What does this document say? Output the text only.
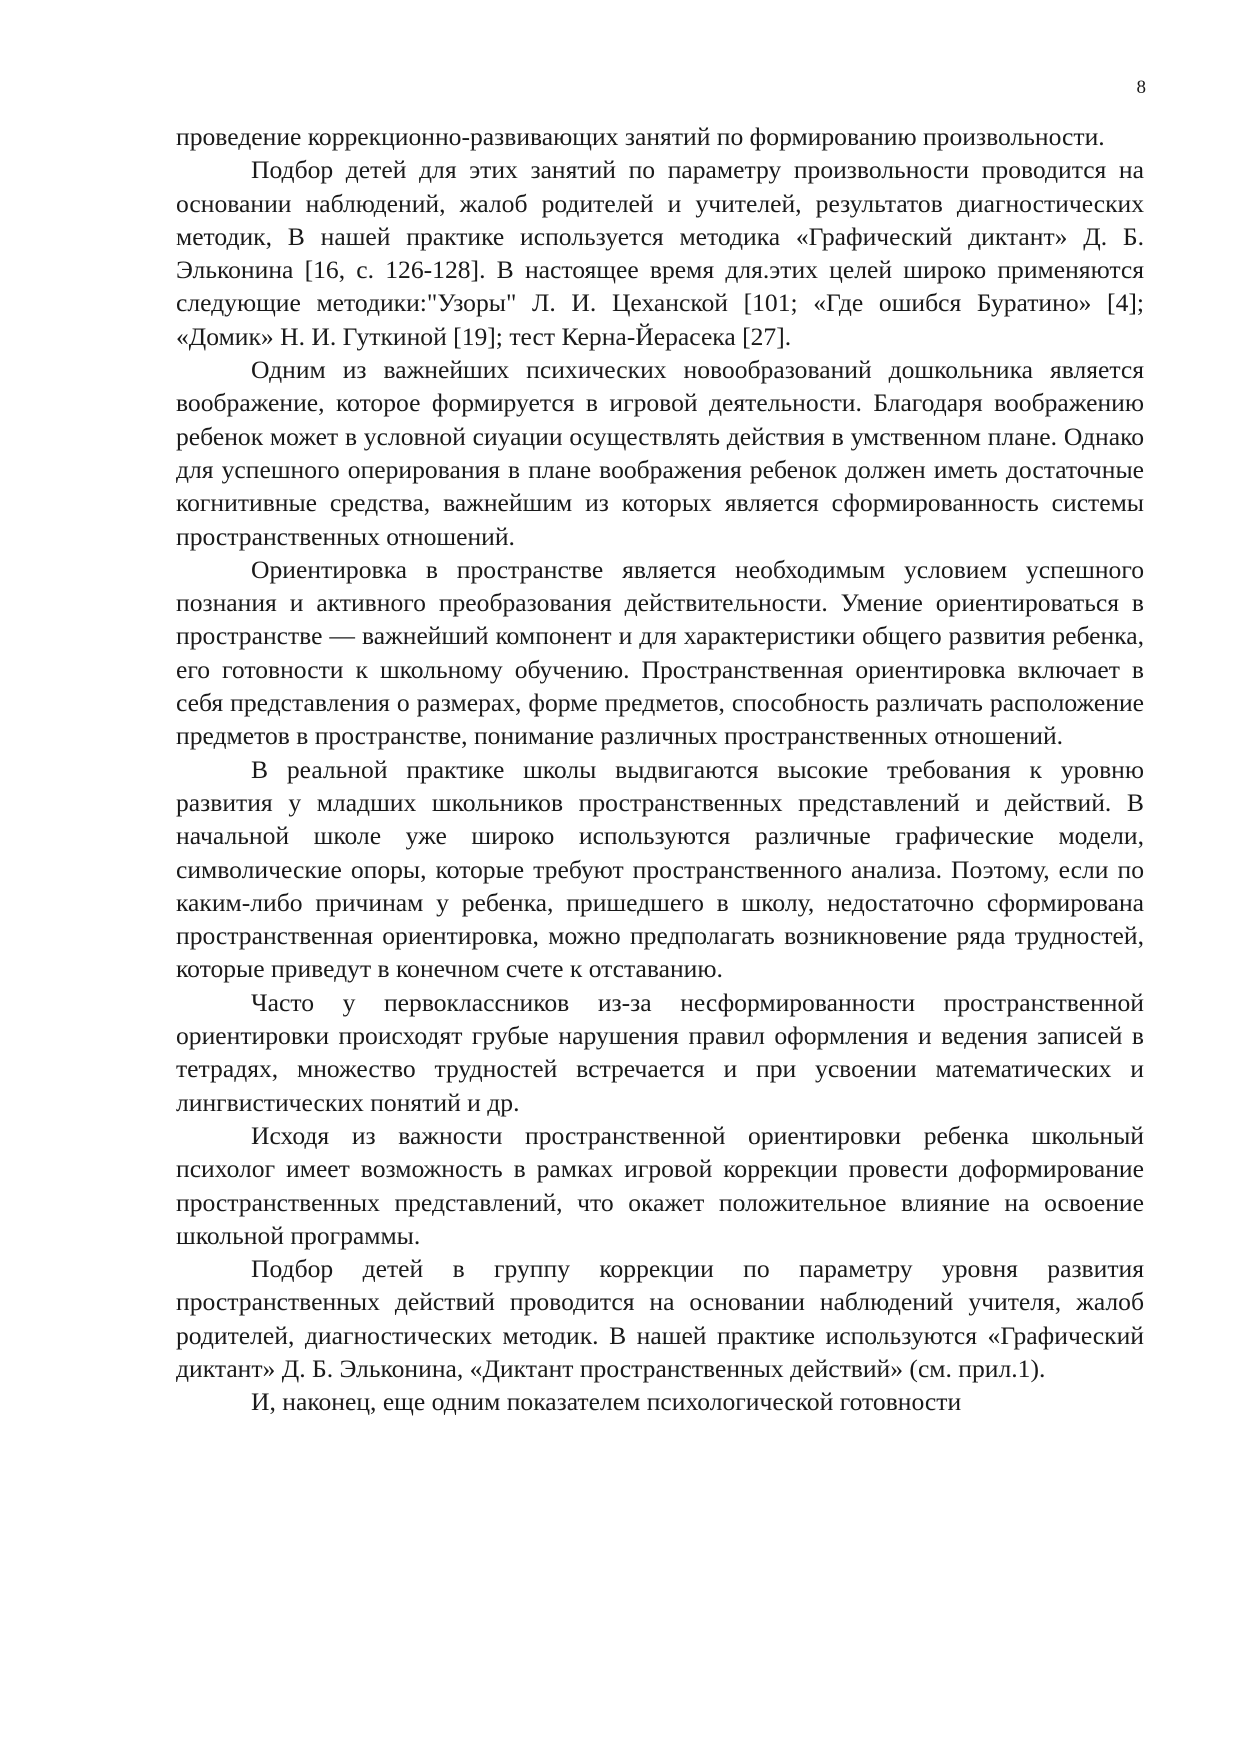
8

проведение коррекционно-развивающих занятий по формированию произвольности.

Подбор детей для этих занятий по параметру произвольности проводится на основании наблюдений, жалоб родителей и учителей, результатов диагностических методик, В нашей практике используется методика «Графический диктант» Д. Б. Эльконина [16, с. 126-128]. В настоящее время для.этих целей широко применяются следующие методики:"Узоры" Л. И. Цеханской [101; «Где ошибся Буратино» [4]; «Домик» Н. И. Гуткиной [19]; тест Керна-Йерасека [27].

Одним из важнейших психических новообразований дошкольника является воображение, которое формируется в игровой деятельности. Благодаря воображению ребенок может в условной сиуации осуществлять действия в умственном плане. Однако для успешного оперирования в плане воображения ребенок должен иметь достаточные когнитивные средства, важнейшим из которых является сформированность системы пространственных отношений.

Ориентировка в пространстве является необходимым условием успешного познания и активного преобразования действительности. Умение ориентироваться в пространстве — важнейший компонент и для характеристики общего развития ребенка, его готовности к школьному обучению. Пространственная ориентировка включает в себя представления о размерах, форме предметов, способность различать расположение предметов в пространстве, понимание различных пространственных отношений.

В реальной практике школы выдвигаются высокие требования к уровню развития у младших школьников пространственных представлений и действий. В начальной школе уже широко используются различные графические модели, символические опоры, которые требуют пространственного анализа. Поэтому, если по каким-либо причинам у ребенка, пришедшего в школу, недостаточно сформирована пространственная ориентировка, можно предполагать возникновение ряда трудностей, которые приведут в конечном счете к отставанию.

Часто у первоклассников из-за несформированности пространственной ориентировки происходят грубые нарушения правил оформления и ведения записей в тетрадях, множество трудностей встречается и при усвоении математических и лингвистических понятий и др.

Исходя из важности пространственной ориентировки ребенка школьный психолог имеет возможность в рамках игровой коррекции провести доформирование пространственных представлений, что окажет положительное влияние на освоение школьной программы.

Подбор детей в группу коррекции по параметру уровня развития пространственных действий проводится на основании наблюдений учителя, жалоб родителей, диагностических методик. В нашей практике используются «Графический диктант» Д. Б. Эльконина, «Диктант пространственных действий» (см. прил.1).

И, наконец, еще одним показателем психологической готовности
